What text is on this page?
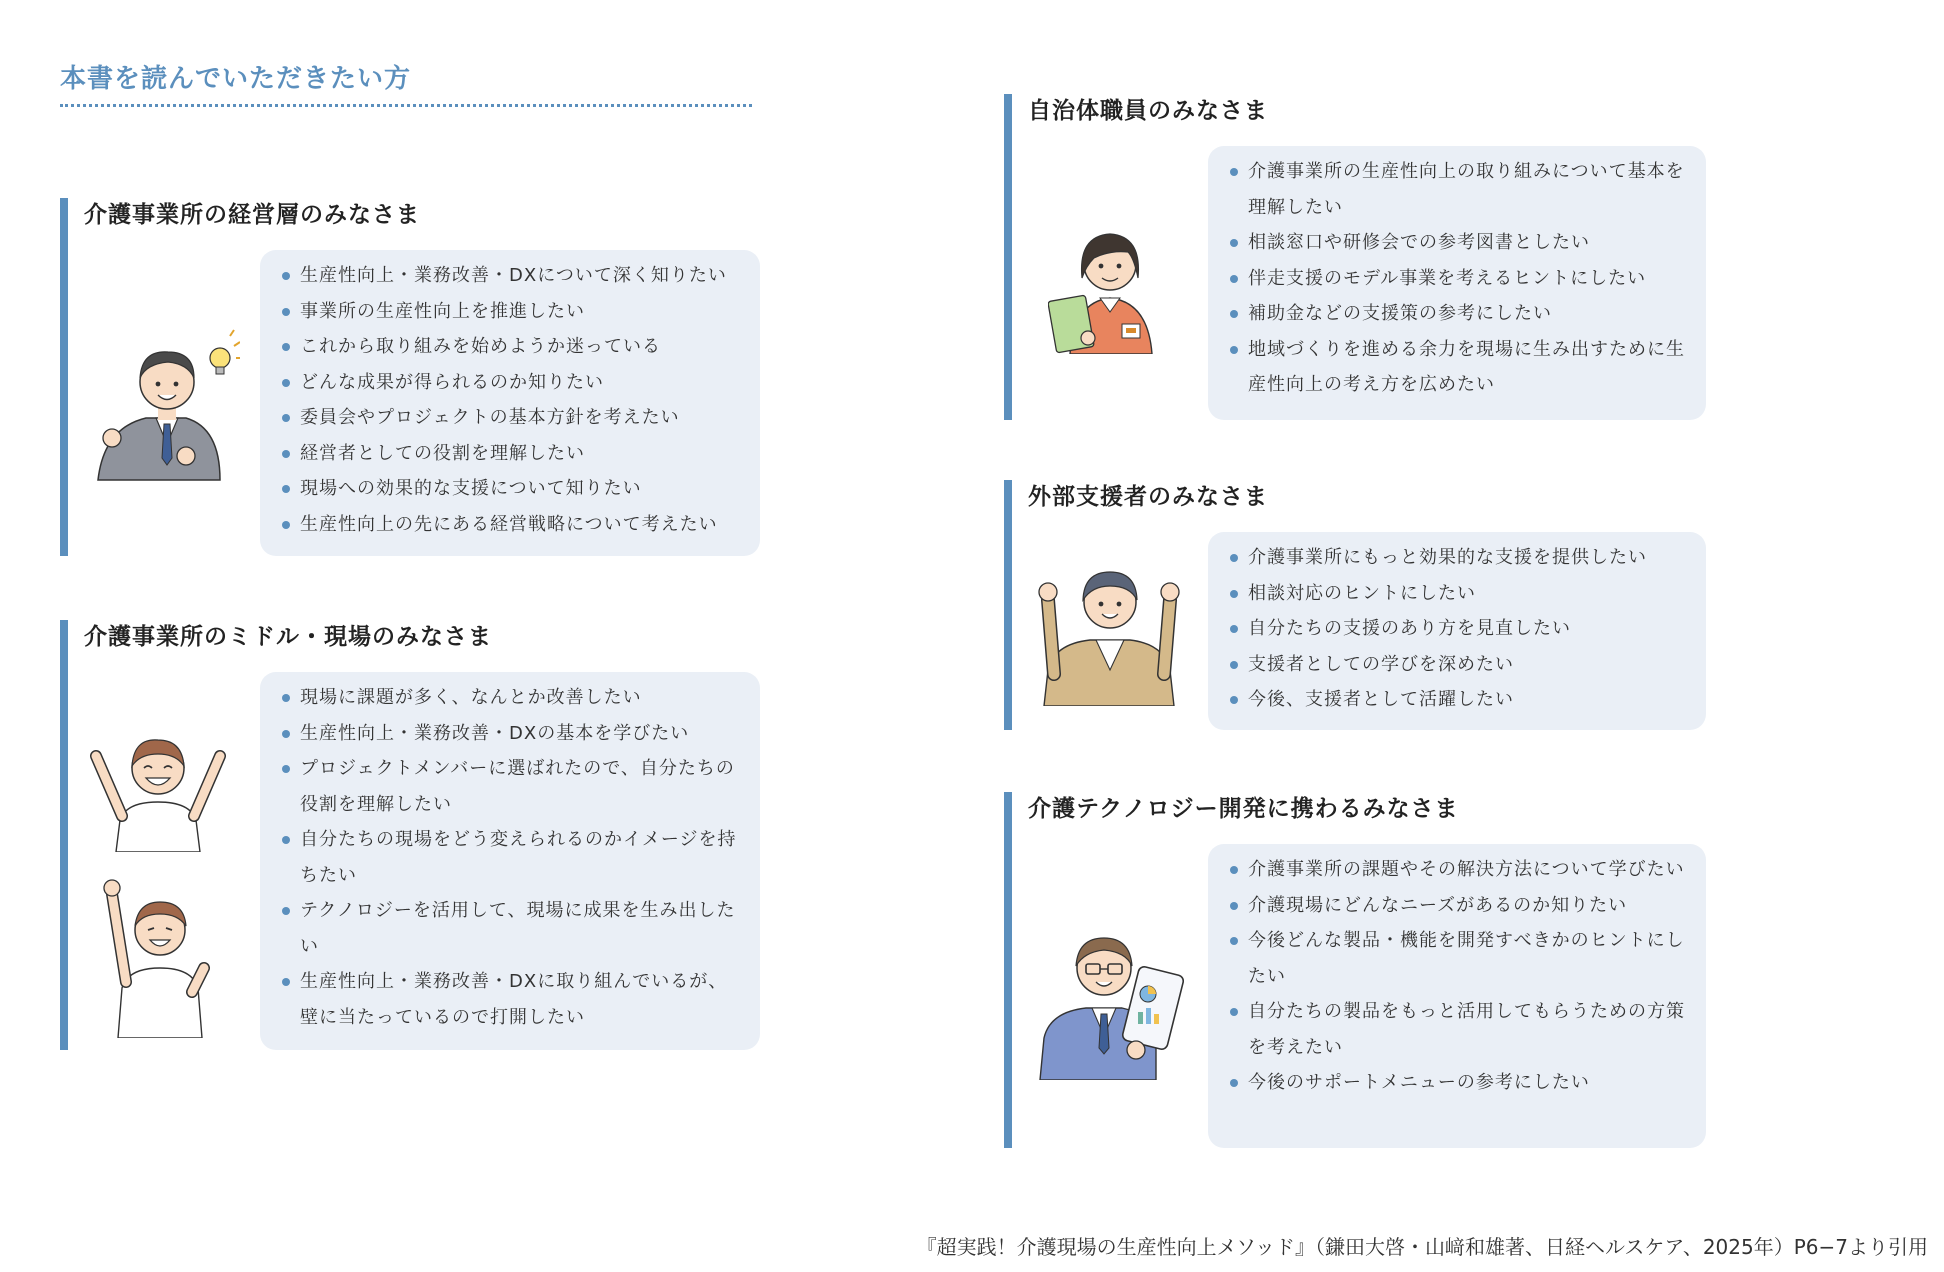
本書を読んでいただきたい方
介護事業所の経営層のみなさま
生産性向上・業務改善・DXについて深く知りたい
事業所の生産性向上を推進したい
これから取り組みを始めようか迷っている
どんな成果が得られるのか知りたい
委員会やプロジェクトの基本方針を考えたい
経営者としての役割を理解したい
現場への効果的な支援について知りたい
生産性向上の先にある経営戦略について考えたい
介護事業所のミドル・現場のみなさま
現場に課題が多く、なんとか改善したい
生産性向上・業務改善・DXの基本を学びたい
プロジェクトメンバーに選ばれたので、自分たちの役割を理解したい
自分たちの現場をどう変えられるのかイメージを持ちたい
テクノロジーを活用して、現場に成果を生み出したい
生産性向上・業務改善・DXに取り組んでいるが、壁に当たっているので打開したい
自治体職員のみなさま
介護事業所の生産性向上の取り組みについて基本を理解したい
相談窓口や研修会での参考図書としたい
伴走支援のモデル事業を考えるヒントにしたい
補助金などの支援策の参考にしたい
地域づくりを進める余力を現場に生み出すために生産性向上の考え方を広めたい
外部支援者のみなさま
介護事業所にもっと効果的な支援を提供したい
相談対応のヒントにしたい
自分たちの支援のあり方を見直したい
支援者としての学びを深めたい
今後、支援者として活躍したい
介護テクノロジー開発に携わるみなさま
介護事業所の課題やその解決方法について学びたい
介護現場にどんなニーズがあるのか知りたい
今後どんな製品・機能を開発すべきかのヒントにしたい
自分たちの製品をもっと活用してもらうための方策を考えたい
今後のサポートメニューの参考にしたい
『超実践！介護現場の生産性向上メソッド』（鎌田大啓・山﨑和雄著、日経ヘルスケア、2025年）P6−7より引用
